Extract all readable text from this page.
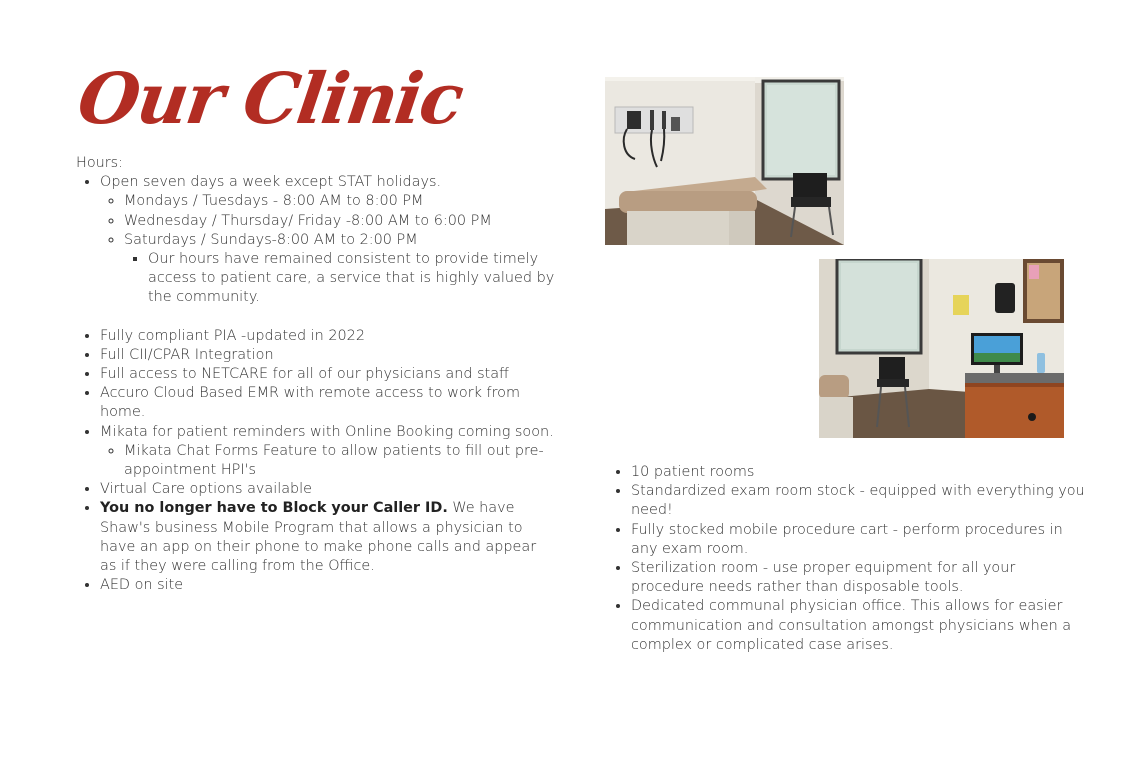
Our Clinic

Hours:

• Open seven days a week except STAT holidays.
◦ Mondays / Tuesdays - 8:00 AM to 8:00 PM
◦ Wednesday / Thursday/ Friday -8:00 AM to 6:00 PM
◦ Saturdays / Sundays-8:00 AM to 2:00 PM
▪ Our hours have remained consistent to provide timely access to patient care, a service that is highly valued by the community.
• Fully compliant PIA -updated in 2022
• Full CII/CPAR Integration
• Full access to NETCARE for all of our physicians and staff
• Accuro Cloud Based EMR with remote access to work from home.
• Mikata for patient reminders with Online Booking coming soon.
◦ Mikata Chat Forms Feature to allow patients to fill out pre-appointment HPI's
• Virtual Care options available
• You no longer have to Block your Caller ID. We have Shaw's business Mobile Program that allows a physician to have an app on their phone to make phone calls and appear as if they were calling from the Office.
• AED on site
• 10 patient rooms
• Standardized exam room stock - equipped with everything you need!
• Fully stocked mobile procedure cart - perform procedures in any exam room.
• Sterilization room - use proper equipment for all your procedure needs rather than disposable tools.
• Dedicated communal physician office. This allows for easier communication and consultation amongst physicians when a complex or complicated case arises.
